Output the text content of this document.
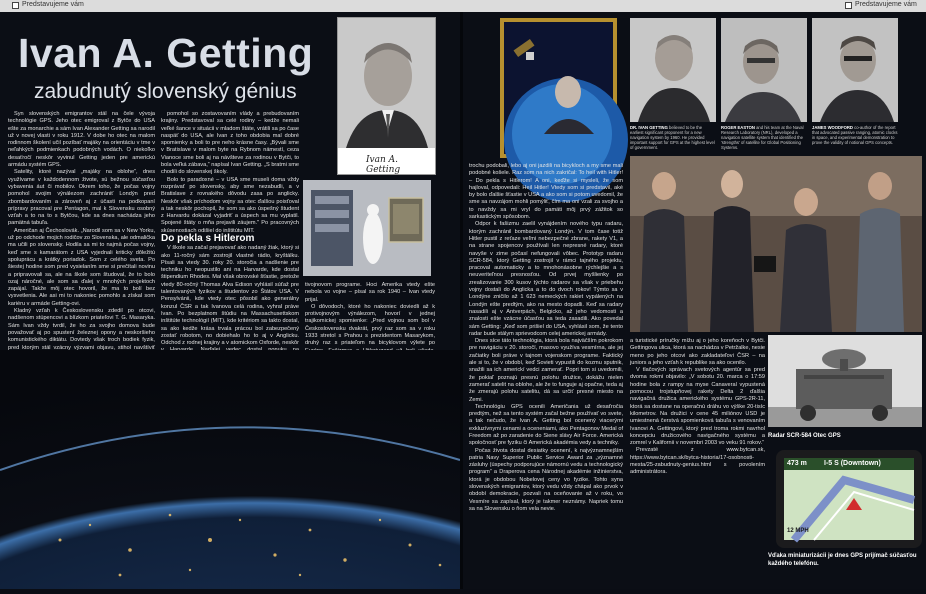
Predstavujeme vám	Predstavujeme vám
Ivan A. Getting
zabudnutý slovenský génius
Ivan A. Getting

Syn slovenských emigrantov stál na čele vývoja technológie GPS. Jeho otec emigroval z Bytče do USA ešte za monarchie a sám Ivan Alexander Getting sa narodil už v novej vlasti v roku 1912. V dobe ho otec na malom rodinnom školení učil pozíbať majáky na orientáciu v tme v neľahkých podmienkach podobných vodách. O niekoľko desaťročí neskôr vyvinul Getting jeden pre americkú armádu systém GPS.

Satelity, ktoré nazýval „majáky na oblohe“, dnes využívame v každodennom živote, sú bežnou súčasťou vybavenia áut či mobilov. Okrem toho, že počas vojny pomohol svojim výnálezom zachrániť Londýn pred zbombardovaním a zároveň aj z účasti na podkopaní prípravy pracoval pre Pentagon, mal k Slovensku osobný vzťah a to na to s Bytčou, kde sa dnes nachádza jeho pamätná tabuľa.

Američan aj Čechoslovák. „Narodil som sa v New Yorku, už po odchode mojich rodičov zo Slovenska, ale odmalička ma učili po slovensky. Hodila sa mi to najmä počas vojny, keď sme s kamarátom z USA vyjednali kriticky dôležitú spoluprácu a krátky poriadok. Som z celého sveta. Po šiestej hodine som pred vysielaním sme si prečítali novinu a pripravovali sa, ale na škole som študoval, že to bolo ozaj náročné, ale som sa ďalej v mnohých projektoch zapájal. Takže môj otec hovoril, že ma to bolí bez vysvetlenia. Ale asi mi to nakoniec pomohlo a získal som kariéru v armáde Getting-ovi.

Kladný vzťah k Československu zdedil po otcovi, nadšenom stúpencovi a blízkom priateľovi T. G. Masaryka. Sám Ivan vždy tvrdil, že ho za svojho domova bude považovať aj po spustení železnej opony a neskoršieho komunistického diktátu. Dovtedy však troch bodiek fyzik, pred ktorým stál vzácny výzvami objavu, stihol navštíviť

pomohol so zostavovaním vlády a prebudovaním krajiny. Predstavoval sa celé rodiny – kedže nemali veľké šance v situácii v mladom štáte, vrátili sa po čase naspäť do USA, ale Ivan z toho obdobia mal dobré spomienky a boli to pre neho krásne časy. „Bývali sme v Bratislave v malom byte na Rybnom námestí, ceza Vianoce sme boli aj na návšteve za rodinou v Bytči, to bola veľká zábava,“ napísal Ivan Getting. „S bratmi sme chodili do slovenskej školy.

Bolo to paradoxné – v USA sme museli doma vždy rozprávať po slovensky, aby sme nezabudli, a v Bratislave z rovnakého dôvodu zasa po anglicky. Neskôr však príchodom vojny sa otec ďalšou poisťoval a tak neskôr pochopil, že som sa ako úspešný študent z Harvardu dokázal vyjadriť a úspech sa mu vyplatil. Spojené štáty o mňa prejavili záujem." Po pracovných skúsenostiach odišiel do inštitútu MIT.

Do pekla s Hitlerom

V škole sa začal prejavovať ako nadaný žiak, ktorý si ako 11-ročný sám zostrojil vlastné rádio, kryštálku. Písali sa vtedy 30. roky 20. storočia a nadšenie pre techniku ho neopustilo ani na Harvarde, kde dostal štipendium Rhodes. Mal však obrovské šťastie, pretože vtedy 80-ročný Thomas Alva Edison vyhlásil súťaž pre talentovaných fyzikov a študentov zo Štátov USA. V Pensylvánii, kde vtedy otec pôsobil ako generálny konzul ČSR a tak Ivanova celá rodina, vyhral práve Ivan. Po bezplatnom štúdiu na Massachusettskom inštitúte technológií (MIT), kde kritériom sa takto dostal, sa ako kedže krása trvala prácou bol zabezpečený zostať robotom, no dobiehalo ho to aj v Anglicku. Odchod z rodnej krajiny a v atomickom Oxforde, neskôr

tivojnovom programe. Hoci Amerika vtedy ešte nebola vo vojne – písal sa rok 1940 – Ivan vtedy prijal.

O dôvodoch, ktoré ho nakoniec doviedli až k protivojnovým výnálezom, hovorí v jednej trajikomickej spomienke: „Pred vojnou som bol v Československu dvakrát, prvý raz som sa v roku 1933 stretol s Prahou s prezidentom Masarykom, druhý raz s priateľom na bicyklovom výlete po

DR. IVAN GETTING believed to be the earliest significant proponent for a new navigation system by 1960. He provided important support for GPS at the highest level of government.
ROGER EASTON and his team at the Naval Research Laboratory (NRL), developed a navigation satellite system that identified the 'strengths' of satellite for Global Positioning Systems.
JAMES WOODFORD co-author of the report that advocated passive ranging, atomic clocks in space, and experimental demonstration to prove the validity of notional GPS concepts.

trochu podobali, lebo aj oni jazdili na bicykloch a my sme mali podobné košele. Raz som na nich zakričal: To heil with Hitler! – Do pekla s Hitlerom! A oni, keďže si mysleli, že som hajloval, odpovedali: Heil Hitler! Vtedy som si predstavil, aké by bolo ďalšie šťastie v USA a ako som si potom uvedomil, že sme sa navzájom mohli pomýliť, čím ma oni vzali za svojho a to navždy sa mi vryl do pamäti môj prvý zážitok so sarkastickým spôsobom.

Odpor k fašizmu zaelil vynájdením nového typu radaru, ktorým zachránil bombardovaný Londýn. V tom čase totiž Hitler pustil z reťaze veľmi nebezpečné zbrane, rakety V1, a na strane spojencov používali len nepresné radary, ktoré navyše v zime počasí nefungovali vôbec. Prototyp radaru SCR-584, ktorý Getting zostrojil v rámci tajného projektu, pracoval automaticky a to mnohonásobne rýchlejšie a s neuveriteľnou presnosťou. Od prvej myšlienky po zrealizovanie 300 kusov týchto radarov sa však v priebehu vojny dostali do Anglicka a to do dvoch rokov! Týmto sa v Londýne zničilo až 1 623 nemeckých rakiet vypálených na Londýn ešte predtým, ako na mesto dopadli. Keď sa radary nasadili aj v Antverpách, Belgicko, až jeho vedomosti a znalosti ešte vzácne účasťou sa teda zasadili. Ako povedal sám Getting: „Keď som prišiel do USA, vyhlásil som, že tento radar bude stálym sprievodcom celej americkej armády.

Dnes síce táto technológia, ktorá bola najväčším pokrokom pre navigáciu v 20. storočí, masovo využíva vesmírna, ale jej začiatky boli práve v tajnom vojenskom programe. Faktický ale si to, že v období, keď Sovieti vypustili do kozmu sputnik, snažili sa ich americkí vedci zamerať. Popri tom si uvedomili, že pokiaľ poznajú presnú polohu družice, dokážu nielen zamerať satelit na oblohe, ale že to funguje aj opačne, teda aj že zmerajú polohu satelitu, dá sa určiť presné miesto na Zemi.

Technológiu GPS ocenili Američania už desaťročia predtým, než sa tento systém začal bežne používať vo svete, a tak nečudo, že Ivan A. Getting bol ocenený viacerými exkluzívnymi cenami a oceneniami, ako Pentagonov Medal of Freedom až po zaradenie do Siene slávy Air Force. Americká spoločnosť pre fyziku či Americká akadémia vedy a techniky.

Počas života dostal desiatky ocenení, k najvýznamnejším patria Navy Superior Public Service Award za „významné zásluhy (úspechy podporujúce námornú vedu a technologický program“ a Draperova cena Národnej akadémie inžinierstva, ktorá je obdobou Nobelovej ceny vo fyzike. Tohto syna slovenských emigrantov, ktorý vedu vždy chápal ako prvok v období demokracie, pozvali na oceňovanie až v roku, vo Vesmíre sa zapísal, ktorý je takmer neznámy. Napriek tomu sa na Slovensku o ňom vela nevie.

a turistické príručky mížu aj o jeho koreňoch v Bytči. Gettingova ulica, ktorá sa nachádza v Petržalke, nesie meno po jeho otcovi ako zakladateľovi ČSR – na juniors a jeho vzťah k republike sa ako ocenilo.

V tlačových správach svetových agentúr sa pred dvoma rokmi objavilo: „V sobotu 20. marca o 17:59 hodine bola z rampy na myse Canaveral vypustená pomocou trojstupňovej rakety Delta 2 ďalšia navigačná družica amerického systému GPS-2R-11, ktorá sa dostane na operačnú dráhu vo výške 20-tisíc kilometrov. Na družici v cene 45 miliónov USD je umiestnená čerstvá spomienková tabuľa s venovaním Ivanovi A. Gettingovi, ktorý pred troma rokmi navrhol koncepciu družicového navigačného systému a zomrel v Kalifornii v novembri 2003 vo veku 91 rokov.“

Prevzaté z www.bytcan.sk, https://www.bytcan.sk/bytca-historia/17-osobnosti-mesta/25-zabudnuty-genius.html s povolením administrátora.

Radar SCR-584 Otec GPS
473 m I-5 S (Downtown)
12 MPH
Vďaka miniaturizácii je dnes GPS prijímač súčasťou každého telefónu.
